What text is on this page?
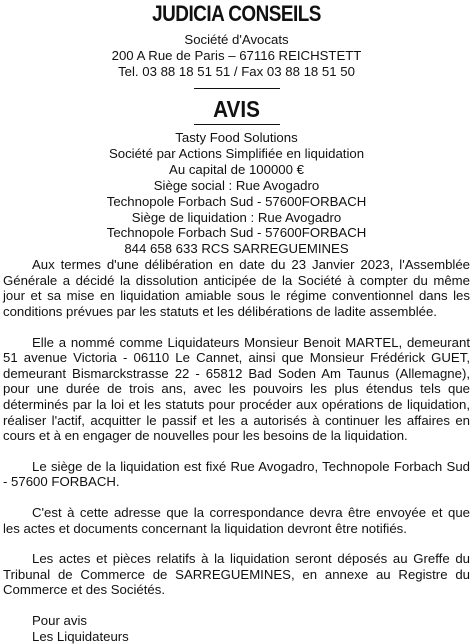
JUDICIA CONSEILS
Société d'Avocats
200 A Rue de Paris – 67116 REICHSTETT
Tel. 03 88 18 51 51 / Fax 03 88 18 51 50
AVIS
Tasty Food Solutions
Société par Actions Simplifiée en liquidation
Au capital de 100000 €
Siège social : Rue Avogadro
Technopole Forbach Sud - 57600FORBACH
Siège de liquidation : Rue Avogadro
Technopole Forbach Sud - 57600FORBACH
844 658 633 RCS SARREGUEMINES

Aux termes d'une délibération en date du 23 Janvier 2023, l'Assemblée Générale a décidé la dissolution anticipée de la Société à compter du même jour et sa mise en liquidation amiable sous le régime conventionnel dans les conditions prévues par les statuts et les délibérations de ladite assemblée.

Elle a nommé comme Liquidateurs Monsieur Benoit MARTEL, demeurant 51 avenue Victoria - 06110 Le Cannet, ainsi que Monsieur Frédérick GUET, demeurant Bismarckstrasse 22 - 65812 Bad Soden Am Taunus (Allemagne), pour une durée de trois ans, avec les pouvoirs les plus étendus tels que déterminés par la loi et les statuts pour procéder aux opérations de liquidation, réaliser l'actif, acquitter le passif et les a autorisés à continuer les affaires en cours et à en engager de nouvelles pour les besoins de la liquidation.

Le siège de la liquidation est fixé Rue Avogadro, Technopole Forbach Sud - 57600 FORBACH.

C'est à cette adresse que la correspondance devra être envoyée et que les actes et documents concernant la liquidation devront être notifiés.

Les actes et pièces relatifs à la liquidation seront déposés au Greffe du Tribunal de Commerce de SARREGUEMINES, en annexe au Registre du Commerce et des Sociétés.

Pour avis

Les Liquidateurs
